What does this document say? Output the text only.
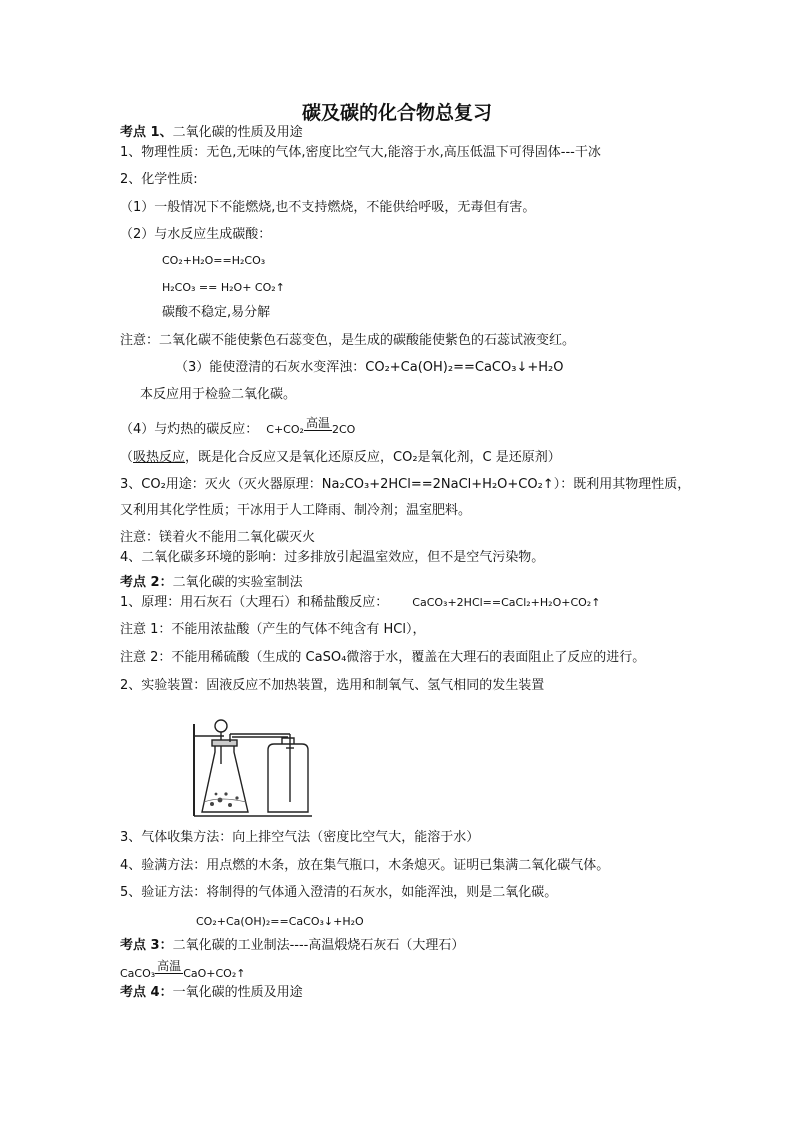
碳及碳的化合物总复习
考点 1、二氧化碳的性质及用途
1、物理性质：无色,无味的气体,密度比空气大,能溶于水,高压低温下可得固体---干冰
2、化学性质:
（1）一般情况下不能燃烧,也不支持燃烧，不能供给呼吸，无毒但有害。
（2）与水反应生成碳酸：
CO₂+H₂O==H₂CO₃
H₂CO₃ == H₂O+ CO₂↑
碳酸不稳定,易分解
注意：二氧化碳不能使紫色石蕊变色，是生成的碳酸能使紫色的石蕊试液变红。
（3）能使澄清的石灰水变浑浊：CO₂+Ca(OH)₂==CaCO₃↓+H₂O
本反应用于检验二氧化碳。
（4）与灼热的碳反应： C+CO₂ 高温 2CO
（吸热反应，既是化合反应又是氧化还原反应，CO₂是氧化剂，C 是还原剂）
3、CO₂用途：灭火（灭火器原理：Na₂CO₃+2HCl==2NaCl+H₂O+CO₂↑）：既利用其物理性质，
又利用其化学性质；干冰用于人工降雨、制冷剂；温室肥料。
注意：镁着火不能用二氧化碳灭火
4、二氧化碳多环境的影响：过多排放引起温室效应，但不是空气污染物。
考点 2：二氧化碳的实验室制法
1、原理：用石灰石（大理石）和稀盐酸反应： CaCO₃+2HCl==CaCl₂+H₂O+CO₂↑
注意 1：不能用浓盐酸（产生的气体不纯含有 HCl），
注意 2：不能用稀硫酸（生成的 CaSO₄微溶于水，覆盖在大理石的表面阻止了反应的进行。
2、实验装置：固液反应不加热装置，选用和制氧气、氢气相同的发生装置
3、气体收集方法：向上排空气法（密度比空气大，能溶于水）
4、验满方法：用点燃的木条，放在集气瓶口，木条熄灭。证明已集满二氧化碳气体。
5、验证方法：将制得的气体通入澄清的石灰水，如能浑浊，则是二氧化碳。
CO₂+Ca(OH)₂==CaCO₃↓+H₂O
考点 3：二氧化碳的工业制法----高温煅烧石灰石（大理石）
CaCO₃
高温
CaO+CO₂↑
考点 4：一氧化碳的性质及用途
